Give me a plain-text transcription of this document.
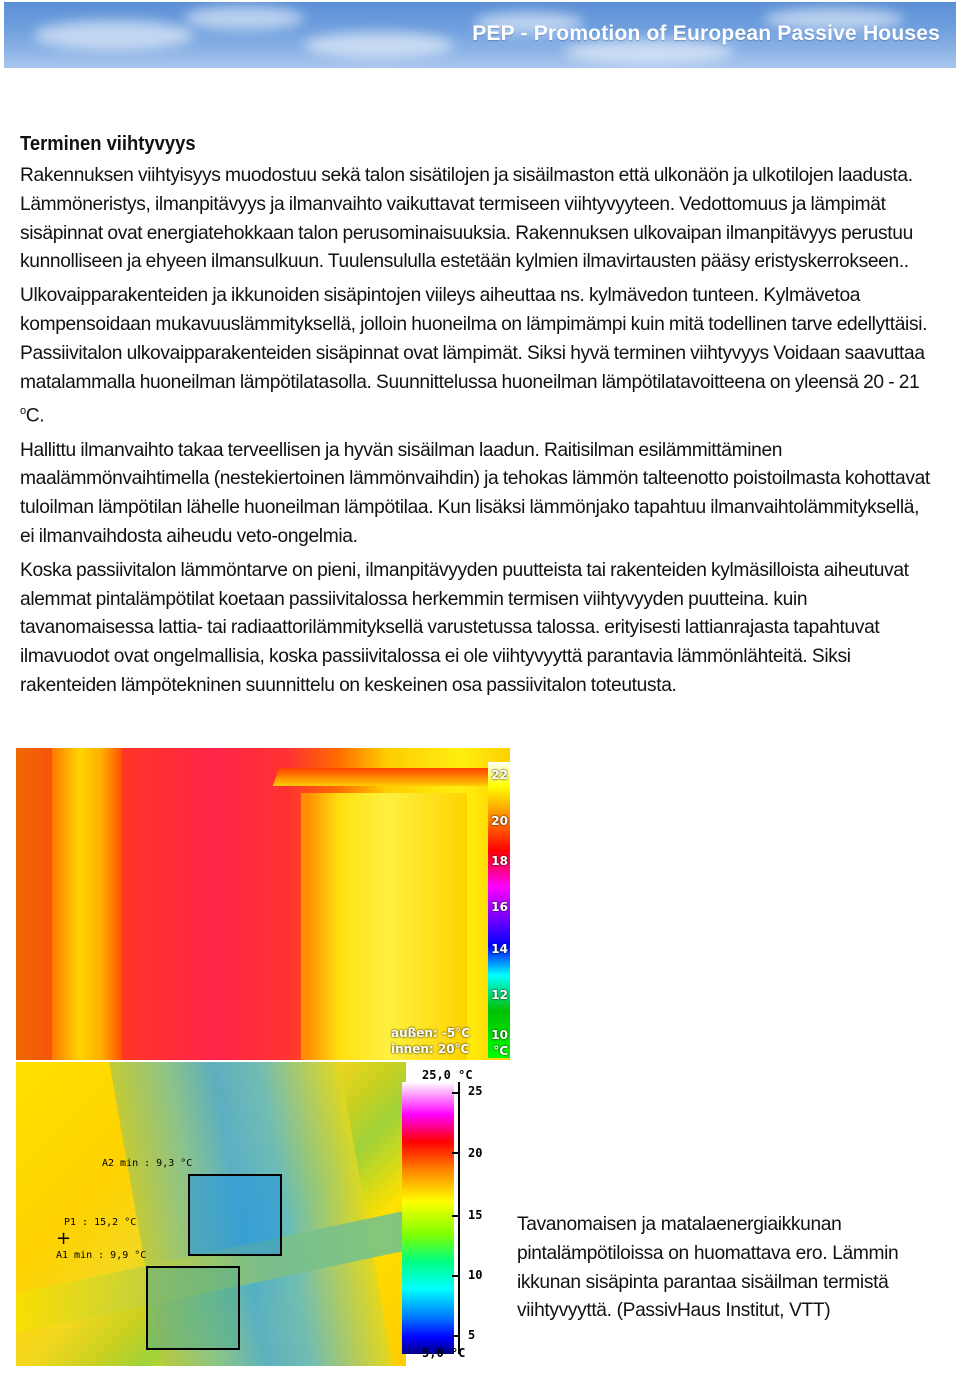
PEP - Promotion of European Passive Houses
Terminen viihtyvyys

Rakennuksen viihtyisyys muodostuu sekä talon sisätilojen ja sisäilmaston että ulkonäön ja ulkotilojen laadusta. Lämmöneristys, ilmanpitävyys ja ilmanvaihto vaikuttavat termiseen viihtyvyyteen. Vedottomuus ja lämpimät sisäpinnat ovat energiatehokkaan talon perusominaisuuksia. Rakennuksen ulkovaipan ilmanpitävyys perustuu kunnolliseen ja ehyeen ilmansulkuun. Tuulensululla estetään kylmien ilmavirtausten pääsy eristyskerrokseen..

Ulkovaipparakenteiden ja ikkunoiden sisäpintojen viileys aiheuttaa ns. kylmävedon tunteen. Kylmävetoa kompensoidaan mukavuuslämmityksellä, jolloin huoneilma on lämpimämpi kuin mitä todellinen tarve edellyttäisi. Passiivitalon ulkovaipparakenteiden sisäpinnat ovat lämpimät. Siksi hyvä terminen viihtyvyys Voidaan saavuttaa matalammalla huoneilman lämpötilatasolla. Suunnittelussa huoneilman lämpötilatavoitteena on yleensä 20 - 21 $^o$C.

Hallittu ilmanvaihto takaa terveellisen ja hyvän sisäilman laadun. Raitisilman esilämmittäminen maalämmönvaihtimella (nestekiertoinen lämmönvaihdin) ja tehokas lämmön talteenotto poistoilmasta kohottavat tuloilman lämpötilan lähelle huoneilman lämpötilaa. Kun lisäksi lämmönjako tapahtuu ilmanvaihtolämmityksellä, ei ilmanvaihdosta aiheudu veto-ongelmia.

Koska passiivitalon lämmöntarve on pieni, ilmanpitävyyden puutteista tai rakenteiden kylmäsilloista aiheutuvat alemmat pintalämpötilat koetaan passiivitalossa herkemmin termisen viihtyvyyden puutteina. kuin tavanomaisessa lattia- tai radiaattorilämmityksellä varustetussa talossa. erityisesti lattianrajasta tapahtuvat ilmavuodot ovat ongelmallisia, koska passiivitalossa ei ole viihtyvyyttä parantavia lämmönlähteitä. Siksi rakenteiden lämpötekninen suunnittelu on keskeinen osa passiivitalon toteutusta.

22
20
18
16
14
12
10
°C
außen: -5°C
innen: 20°C
A2 min : 9,3 °C
+
P1 : 15,2 °C
A1 min : 9,9 °C
25,0 °C
25
20
15
10
5
5,0 °C
Tavanomaisen ja matalaenergiaikkunan pintalämpötiloissa on huomattava ero. Lämmin ikkunan sisäpinta parantaa sisäilman termistä viihtyvyyttä. (PassivHaus Institut, VTT)
